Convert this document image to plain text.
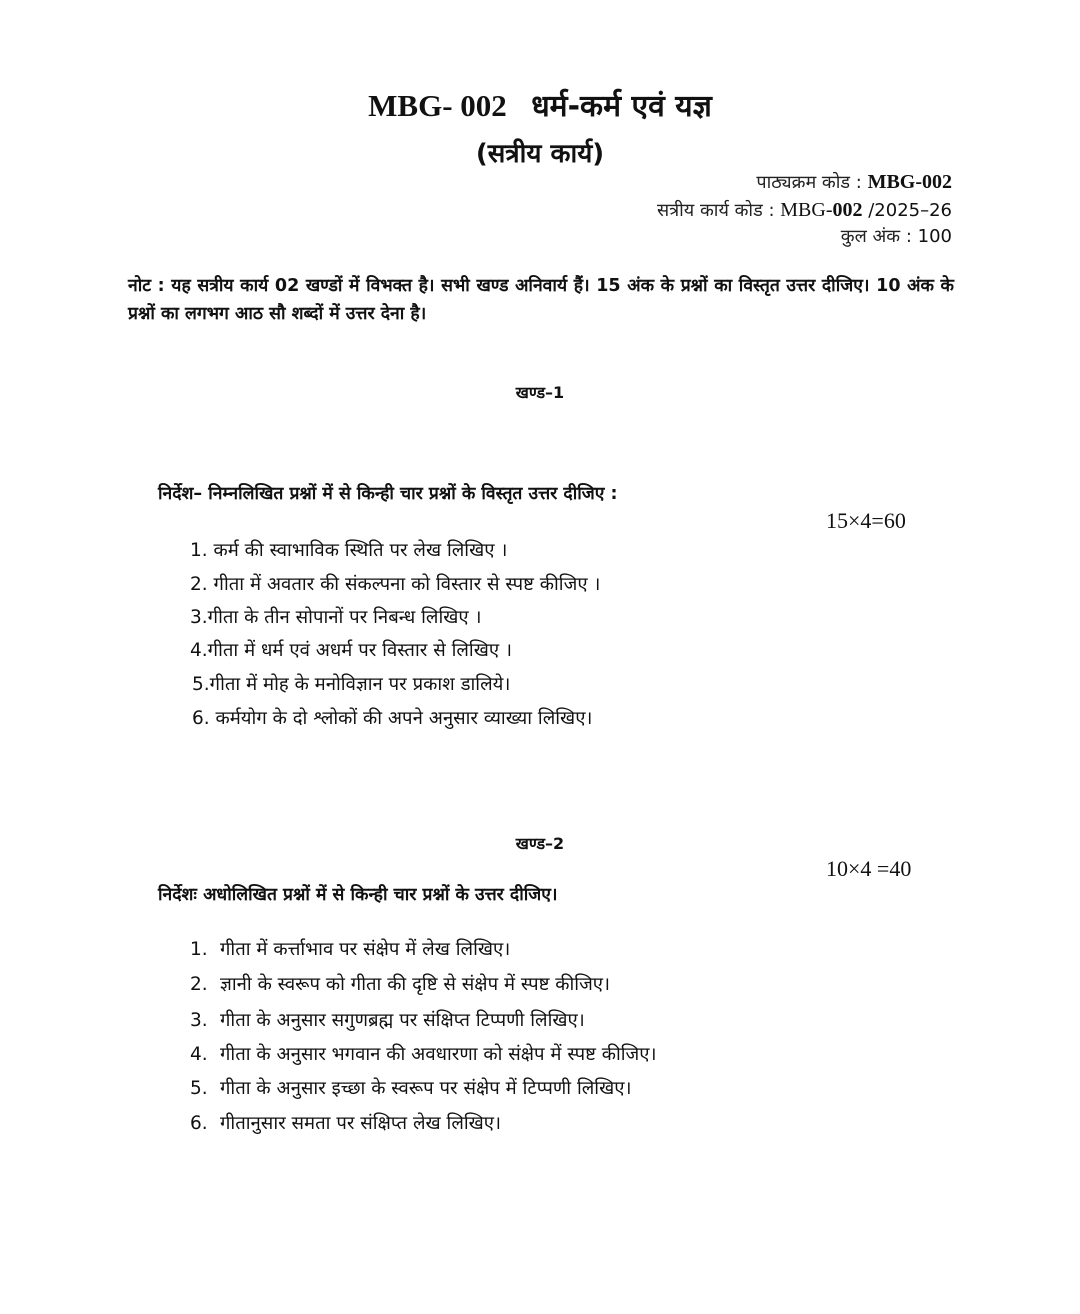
MBG- 002 धर्म-कर्म एवं यज्ञ
(सत्रीय कार्य)
पाठ्यक्रम कोड : MBG-002
सत्रीय कार्य कोड : MBG-002 /2025–26
कुल अंक : 100
नोट : यह सत्रीय कार्य 02 खण्डों में विभक्त है। सभी खण्ड अनिवार्य हैं। 15 अंक के प्रश्नों का विस्तृत उत्तर दीजिए। 10 अंक के प्रश्नों का लगभग आठ सौ शब्दों में उत्तर देना है।
खण्ड–1
निर्देश– निम्नलिखित प्रश्नों में से किन्ही चार प्रश्नों के विस्तृत उत्तर दीजिए :
15×4=60
1. कर्म की स्वाभाविक स्थिति पर लेख लिखिए ।
2. गीता में अवतार की संकल्पना को विस्तार से स्पष्ट कीजिए ।
3.गीता के तीन सोपानों पर निबन्ध लिखिए ।
4.गीता में धर्म एवं अधर्म पर विस्तार से लिखिए ।
5.गीता में मोह के मनोविज्ञान पर प्रकाश डालिये।
6. कर्मयोग के दो श्लोकों की अपने अनुसार व्याख्या लिखिए।
खण्ड–2
10×4 =40
निर्देशः अधोलिखित प्रश्नों में से किन्ही चार प्रश्नों के उत्तर दीजिए।
1. गीता में कर्त्ताभाव पर संक्षेप में लेख लिखिए।
2. ज्ञानी के स्वरूप को गीता की दृष्टि से संक्षेप में स्पष्ट कीजिए।
3. गीता के अनुसार सगुणब्रह्म पर संक्षिप्त टिप्पणी लिखिए।
4. गीता के अनुसार भगवान की अवधारणा को संक्षेप में स्पष्ट कीजिए।
5. गीता के अनुसार इच्छा के स्वरूप पर संक्षेप में टिप्पणी लिखिए।
6. गीतानुसार समता पर संक्षिप्त लेख लिखिए।
